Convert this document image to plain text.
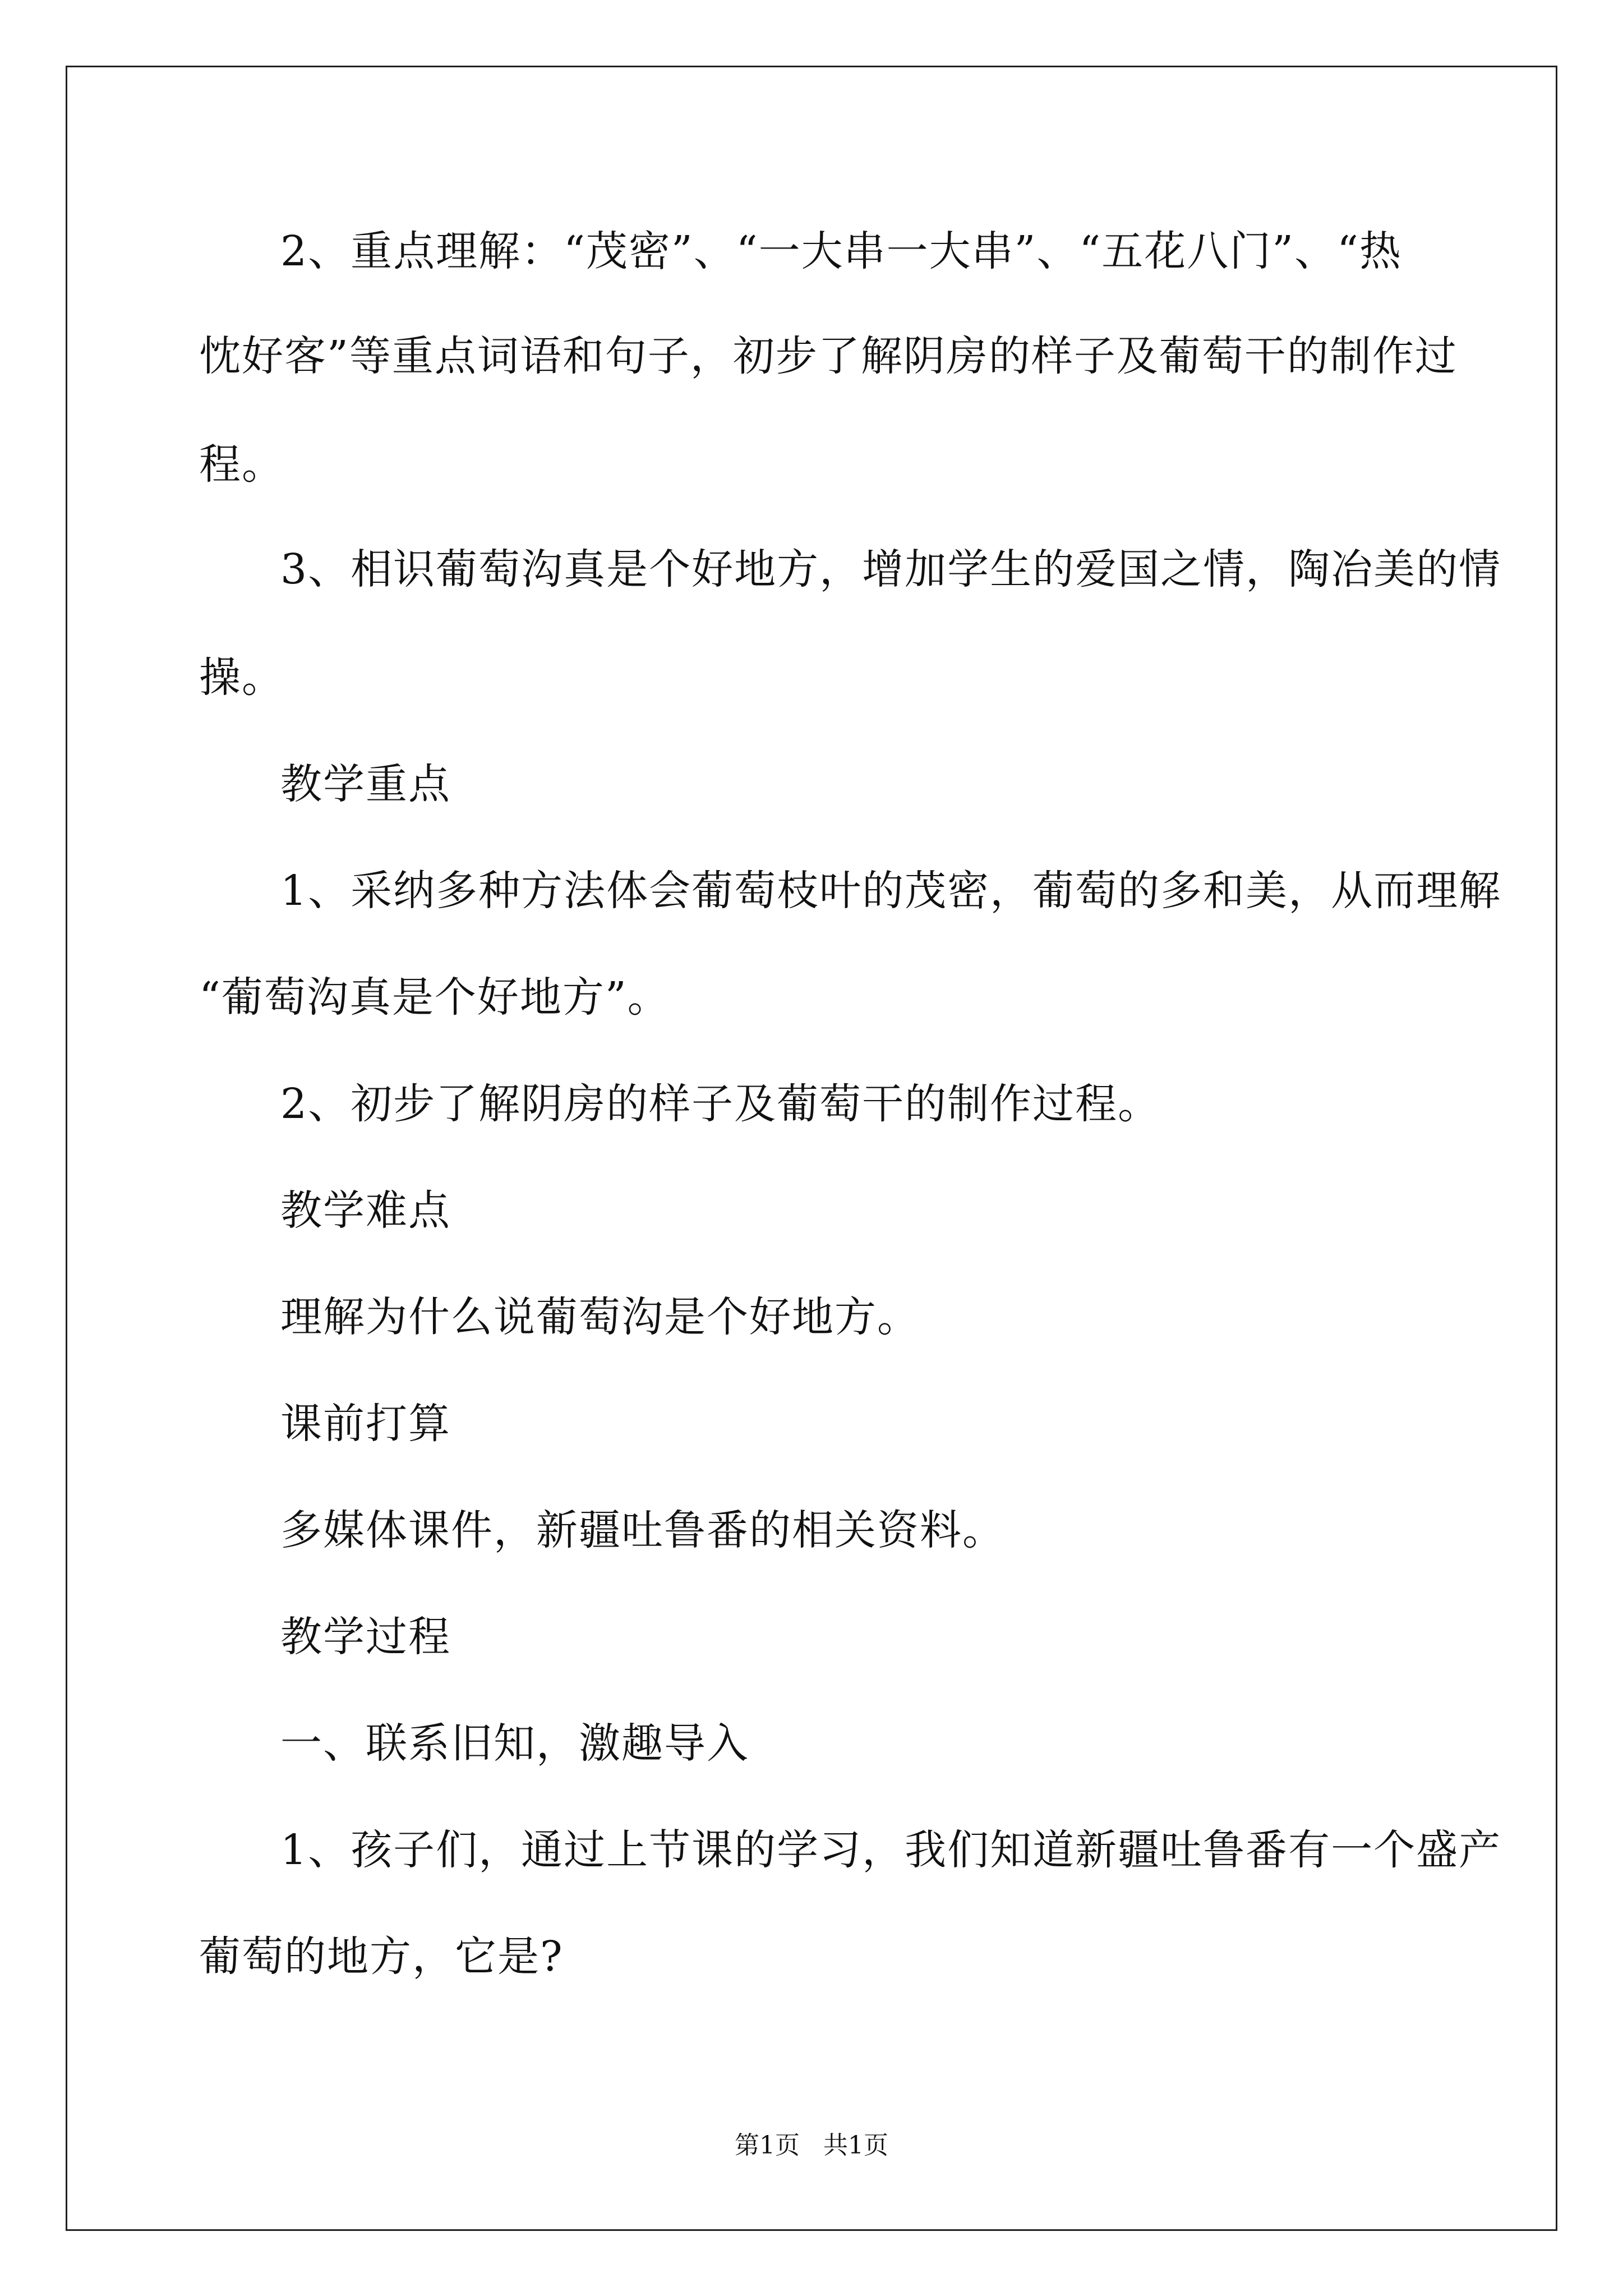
2、重点理解：“茂密”、“一大串一大串”、“五花八门”、“热
忱好客”等重点词语和句子，初步了解阴房的样子及葡萄干的制作过
程。
3、相识葡萄沟真是个好地方，增加学生的爱国之情，陶冶美的情
操。
教学重点
1、采纳多种方法体会葡萄枝叶的茂密，葡萄的多和美，从而理解
“葡萄沟真是个好地方”。
2、初步了解阴房的样子及葡萄干的制作过程。
教学难点
理解为什么说葡萄沟是个好地方。
课前打算
多媒体课件，新疆吐鲁番的相关资料。
教学过程
一、联系旧知，激趣导入
1、孩子们，通过上节课的学习，我们知道新疆吐鲁番有一个盛产
葡萄的地方，它是?
第1页   共1页
